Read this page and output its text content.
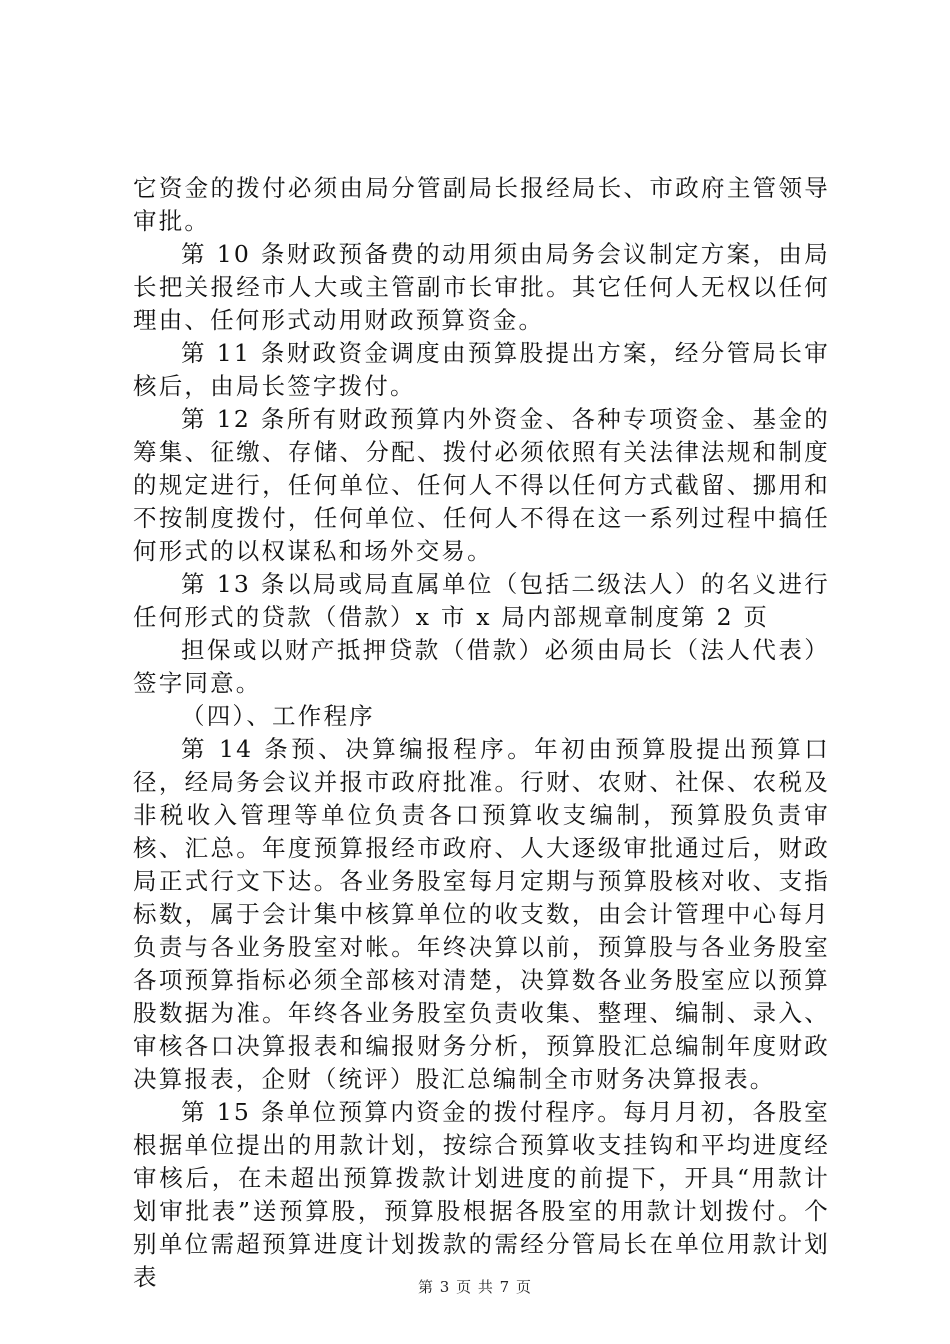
它资金的拨付必须由局分管副局长报经局长、市政府主管领导审批。

第 10 条财政预备费的动用须由局务会议制定方案，由局长把关报经市人大或主管副市长审批。其它任何人无权以任何理由、任何形式动用财政预算资金。

第 11 条财政资金调度由预算股提出方案，经分管局长审核后，由局长签字拨付。

第 12 条所有财政预算内外资金、各种专项资金、基金的筹集、征缴、存储、分配、拨付必须依照有关法律法规和制度的规定进行，任何单位、任何人不得以任何方式截留、挪用和不按制度拨付，任何单位、任何人不得在这一系列过程中搞任何形式的以权谋私和场外交易。

第 13 条以局或局直属单位（包括二级法人）的名义进行任何形式的贷款（借款）x 市 x 局内部规章制度第 2 页

担保或以财产抵押贷款（借款）必须由局长（法人代表）签字同意。

（四）、工作程序

第 14 条预、决算编报程序。年初由预算股提出预算口径，经局务会议并报市政府批准。行财、农财、社保、农税及非税收入管理等单位负责各口预算收支编制，预算股负责审核、汇总。年度预算报经市政府、人大逐级审批通过后，财政局正式行文下达。各业务股室每月定期与预算股核对收、支指标数，属于会计集中核算单位的收支数，由会计管理中心每月负责与各业务股室对帐。年终决算以前，预算股与各业务股室各项预算指标必须全部核对清楚，决算数各业务股室应以预算股数据为准。年终各业务股室负责收集、整理、编制、录入、审核各口决算报表和编报财务分析，预算股汇总编制年度财政决算报表，企财（统评）股汇总编制全市财务决算报表。

第 15 条单位预算内资金的拨付程序。每月月初，各股室根据单位提出的用款计划，按综合预算收支挂钩和平均进度经审核后，在未超出预算拨款计划进度的前提下，开具“用款计划审批表”送预算股，预算股根据各股室的用款计划拨付。个别单位需超预算进度计划拨款的需经分管局长在单位用款计划表	第 3 页 共 7 页
